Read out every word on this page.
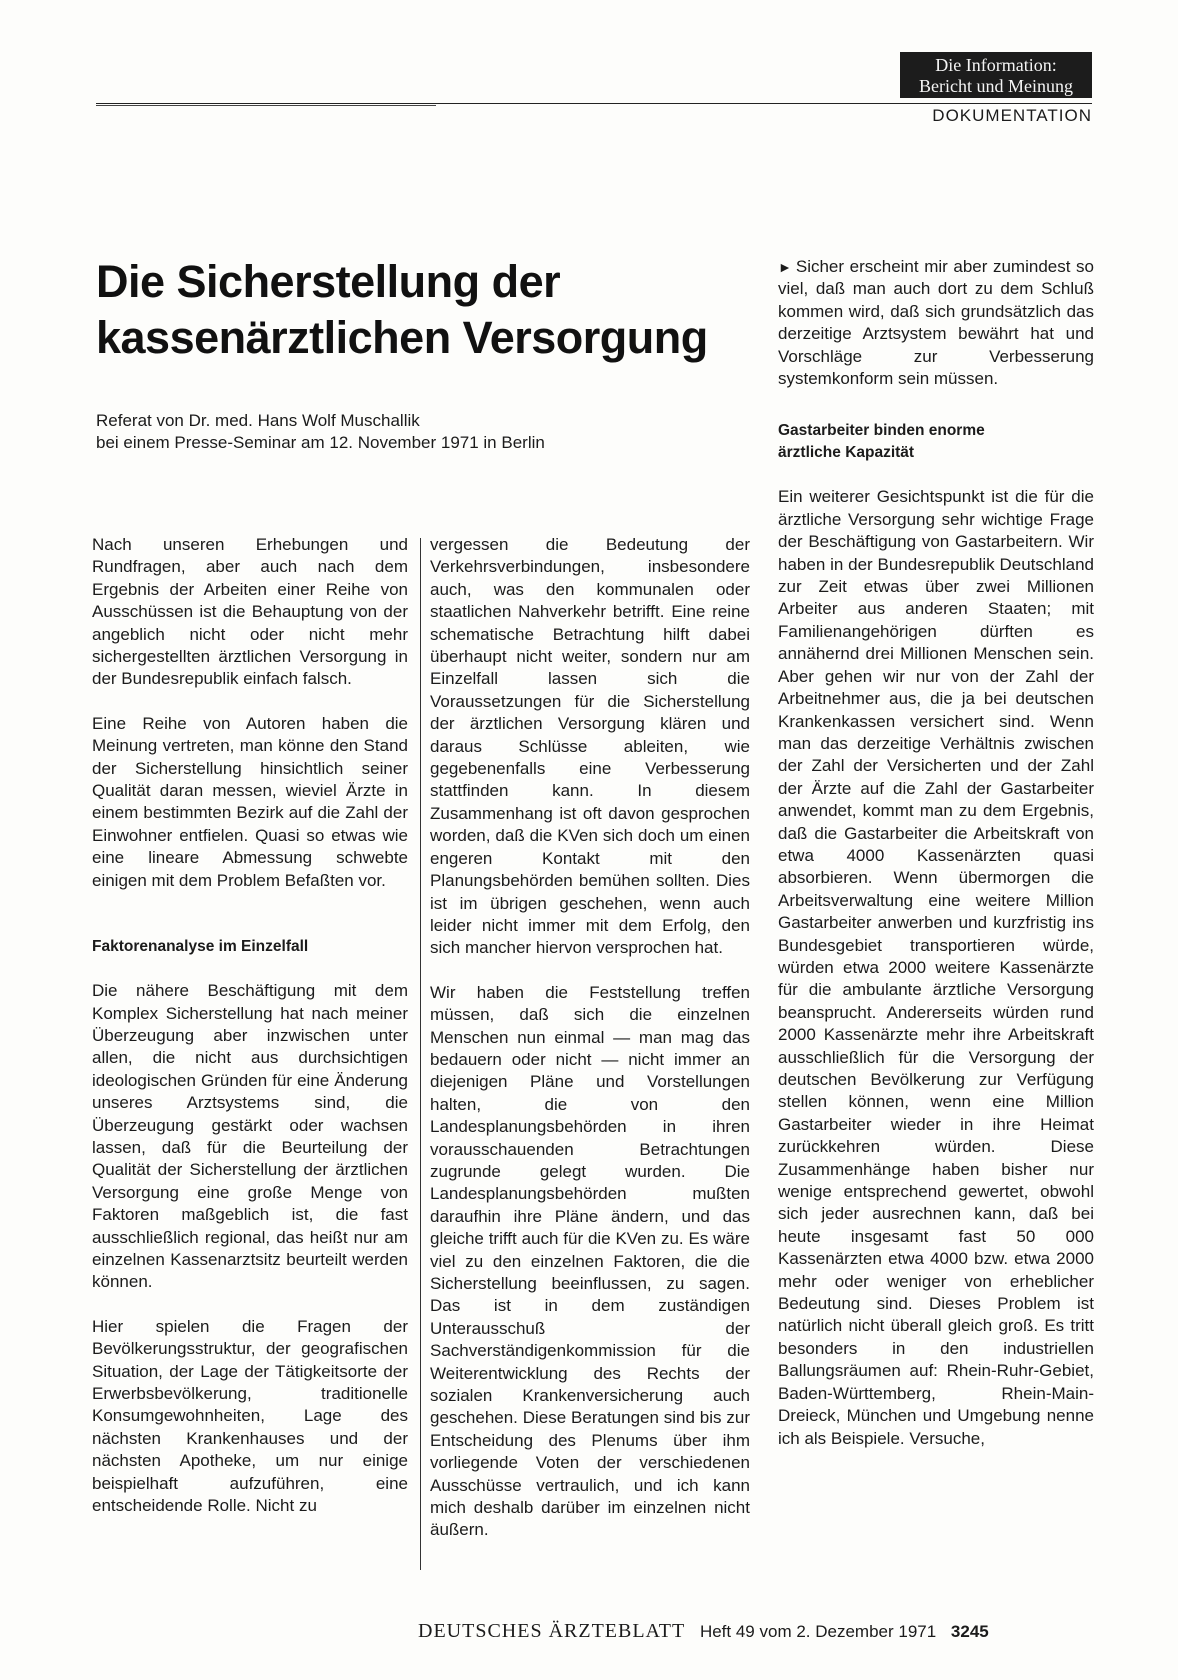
Die Information:
Bericht und Meinung
DOKUMENTATION
Die Sicherstellung der
kassenärztlichen Versorgung
Referat von Dr. med. Hans Wolf Muschallik
bei einem Presse-Seminar am 12. November 1971 in Berlin

Nach unseren Erhebungen und Rundfragen, aber auch nach dem Ergebnis der Arbeiten einer Reihe von Ausschüssen ist die Behauptung von der angeblich nicht oder nicht mehr sichergestellten ärztlichen Versorgung in der Bundesrepublik einfach falsch.

Eine Reihe von Autoren haben die Meinung vertreten, man könne den Stand der Sicherstellung hinsichtlich seiner Qualität daran messen, wieviel Ärzte in einem bestimmten Bezirk auf die Zahl der Einwohner entfielen. Quasi so etwas wie eine lineare Abmessung schwebte einigen mit dem Problem Befaßten vor.

Faktorenanalyse im Einzelfall

Die nähere Beschäftigung mit dem Komplex Sicherstellung hat nach meiner Überzeugung aber inzwischen unter allen, die nicht aus durchsichtigen ideologischen Gründen für eine Änderung unseres Arztsystems sind, die Überzeugung gestärkt oder wachsen lassen, daß für die Beurteilung der Qualität der Sicherstellung der ärztlichen Versorgung eine große Menge von Faktoren maßgeblich ist, die fast ausschließlich regional, das heißt nur am einzelnen Kassenarztsitz beurteilt werden können.

Hier spielen die Fragen der Bevölkerungsstruktur, der geografischen Situation, der Lage der Tätigkeitsorte der Erwerbsbevölkerung, traditionelle Konsumgewohnheiten, Lage des nächsten Krankenhauses und der nächsten Apotheke, um nur einige beispielhaft aufzuführen, eine entscheidende Rolle. Nicht zu

vergessen die Bedeutung der Verkehrsverbindungen, insbesondere auch, was den kommunalen oder staatlichen Nahverkehr betrifft. Eine reine schematische Betrachtung hilft dabei überhaupt nicht weiter, sondern nur am Einzelfall lassen sich die Voraussetzungen für die Sicherstellung der ärztlichen Versorgung klären und daraus Schlüsse ableiten, wie gegebenenfalls eine Verbesserung stattfinden kann. In diesem Zusammenhang ist oft davon gesprochen worden, daß die KVen sich doch um einen engeren Kontakt mit den Planungsbehörden bemühen sollten. Dies ist im übrigen geschehen, wenn auch leider nicht immer mit dem Erfolg, den sich mancher hiervon versprochen hat.

Wir haben die Feststellung treffen müssen, daß sich die einzelnen Menschen nun einmal — man mag das bedauern oder nicht — nicht immer an diejenigen Pläne und Vorstellungen halten, die von den Landesplanungsbehörden in ihren vorausschauenden Betrachtungen zugrunde gelegt wurden. Die Landesplanungsbehörden mußten daraufhin ihre Pläne ändern, und das gleiche trifft auch für die KVen zu. Es wäre viel zu den einzelnen Faktoren, die die Sicherstellung beeinflussen, zu sagen. Das ist in dem zuständigen Unterausschuß der Sachverständigenkommission für die Weiterentwicklung des Rechts der sozialen Krankenversicherung auch geschehen. Diese Beratungen sind bis zur Entscheidung des Plenums über ihm vorliegende Voten der verschiedenen Ausschüsse vertraulich, und ich kann mich deshalb darüber im einzelnen nicht äußern.

► Sicher erscheint mir aber zumindest so viel, daß man auch dort zu dem Schluß kommen wird, daß sich grundsätzlich das derzeitige Arztsystem bewährt hat und Vorschläge zur Verbesserung systemkonform sein müssen.

Gastarbeiter binden enorme
ärztliche Kapazität

Ein weiterer Gesichtspunkt ist die für die ärztliche Versorgung sehr wichtige Frage der Beschäftigung von Gastarbeitern. Wir haben in der Bundesrepublik Deutschland zur Zeit etwas über zwei Millionen Arbeiter aus anderen Staaten; mit Familienangehörigen dürften es annähernd drei Millionen Menschen sein. Aber gehen wir nur von der Zahl der Arbeitnehmer aus, die ja bei deutschen Krankenkassen versichert sind. Wenn man das derzeitige Verhältnis zwischen der Zahl der Versicherten und der Zahl der Ärzte auf die Zahl der Gastarbeiter anwendet, kommt man zu dem Ergebnis, daß die Gastarbeiter die Arbeitskraft von etwa 4000 Kassenärzten quasi absorbieren. Wenn übermorgen die Arbeitsverwaltung eine weitere Million Gastarbeiter anwerben und kurzfristig ins Bundesgebiet transportieren würde, würden etwa 2000 weitere Kassenärzte für die ambulante ärztliche Versorgung beansprucht. Andererseits würden rund 2000 Kassenärzte mehr ihre Arbeitskraft ausschließlich für die Versorgung der deutschen Bevölkerung zur Verfügung stellen können, wenn eine Million Gastarbeiter wieder in ihre Heimat zurückkehren würden. Diese Zusammenhänge haben bisher nur wenige entsprechend gewertet, obwohl sich jeder ausrechnen kann, daß bei heute insgesamt fast 50 000 Kassenärzten etwa 4000 bzw. etwa 2000 mehr oder weniger von erheblicher Bedeutung sind. Dieses Problem ist natürlich nicht überall gleich groß. Es tritt besonders in den industriellen Ballungsräumen auf: Rhein-Ruhr-Gebiet, Baden-Württemberg, Rhein-Main-Dreieck, München und Umgebung nenne ich als Beispiele. Versuche,

DEUTSCHES ÄRZTEBLATT Heft 49 vom 2. Dezember 1971 3245
